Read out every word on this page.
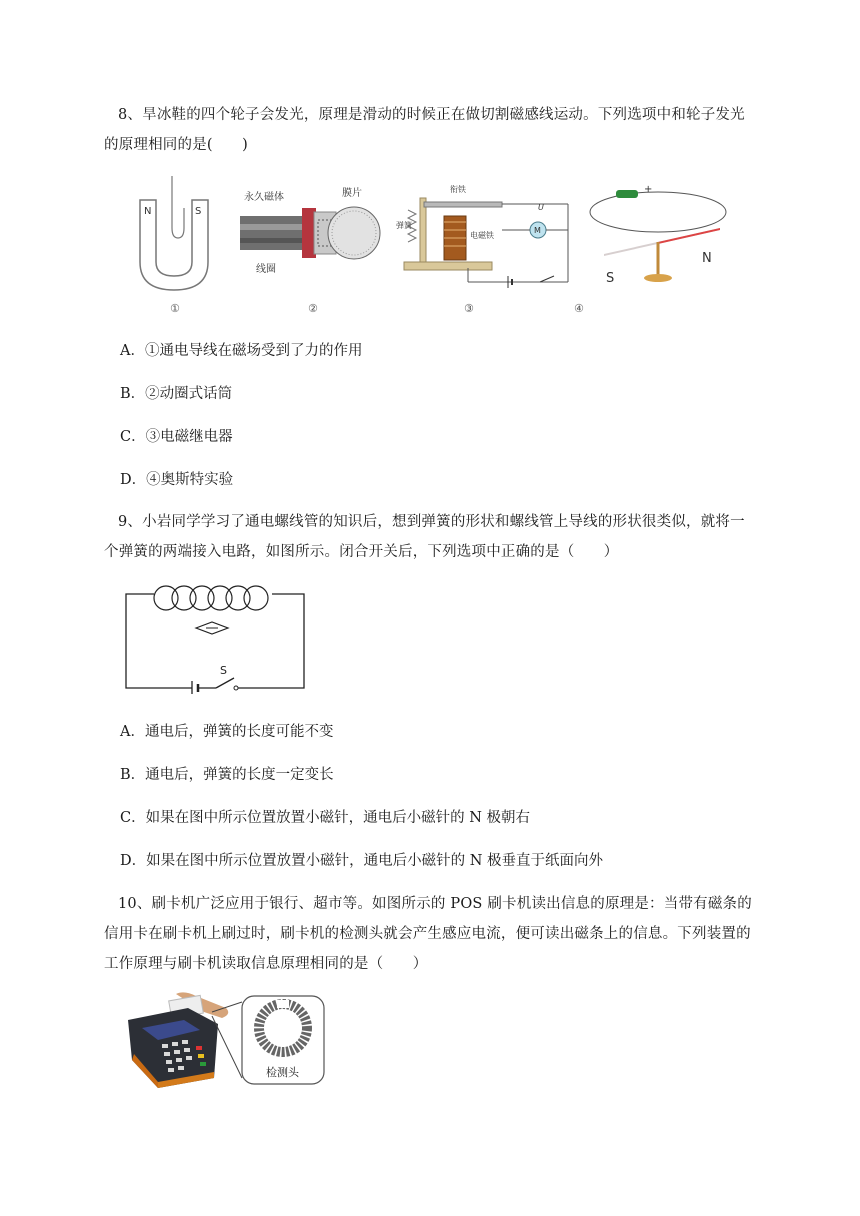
8、旱冰鞋的四个轮子会发光，原理是滑动的时候正在做切割磁感线运动。下列选项中和轮子发光
的原理相同的是(　　)
N	S
①
永久磁体	膜片
线圈
②
M
衔铁
弹簧
电磁铁
U
③
+
S
N
④
A．①通电导线在磁场受到了力的作用
B．②动圈式话筒
C．③电磁继电器
D．④奥斯特实验
9、小岩同学学习了通电螺线管的知识后，想到弹簧的形状和螺线管上导线的形状很类似，就将一
个弹簧的两端接入电路，如图所示。闭合开关后，下列选项中正确的是（　　）
S
A．通电后，弹簧的长度可能不变
B．通电后，弹簧的长度一定变长
C．如果在图中所示位置放置小磁针，通电后小磁针的 N 极朝右
D．如果在图中所示位置放置小磁针，通电后小磁针的 N 极垂直于纸面向外
10、刷卡机广泛应用于银行、超市等。如图所示的 POS 刷卡机读出信息的原理是：当带有磁条的
信用卡在刷卡机上刷过时，刷卡机的检测头就会产生感应电流，便可读出磁条上的信息。下列装置的
工作原理与刷卡机读取信息原理相同的是（　　）
检测头
